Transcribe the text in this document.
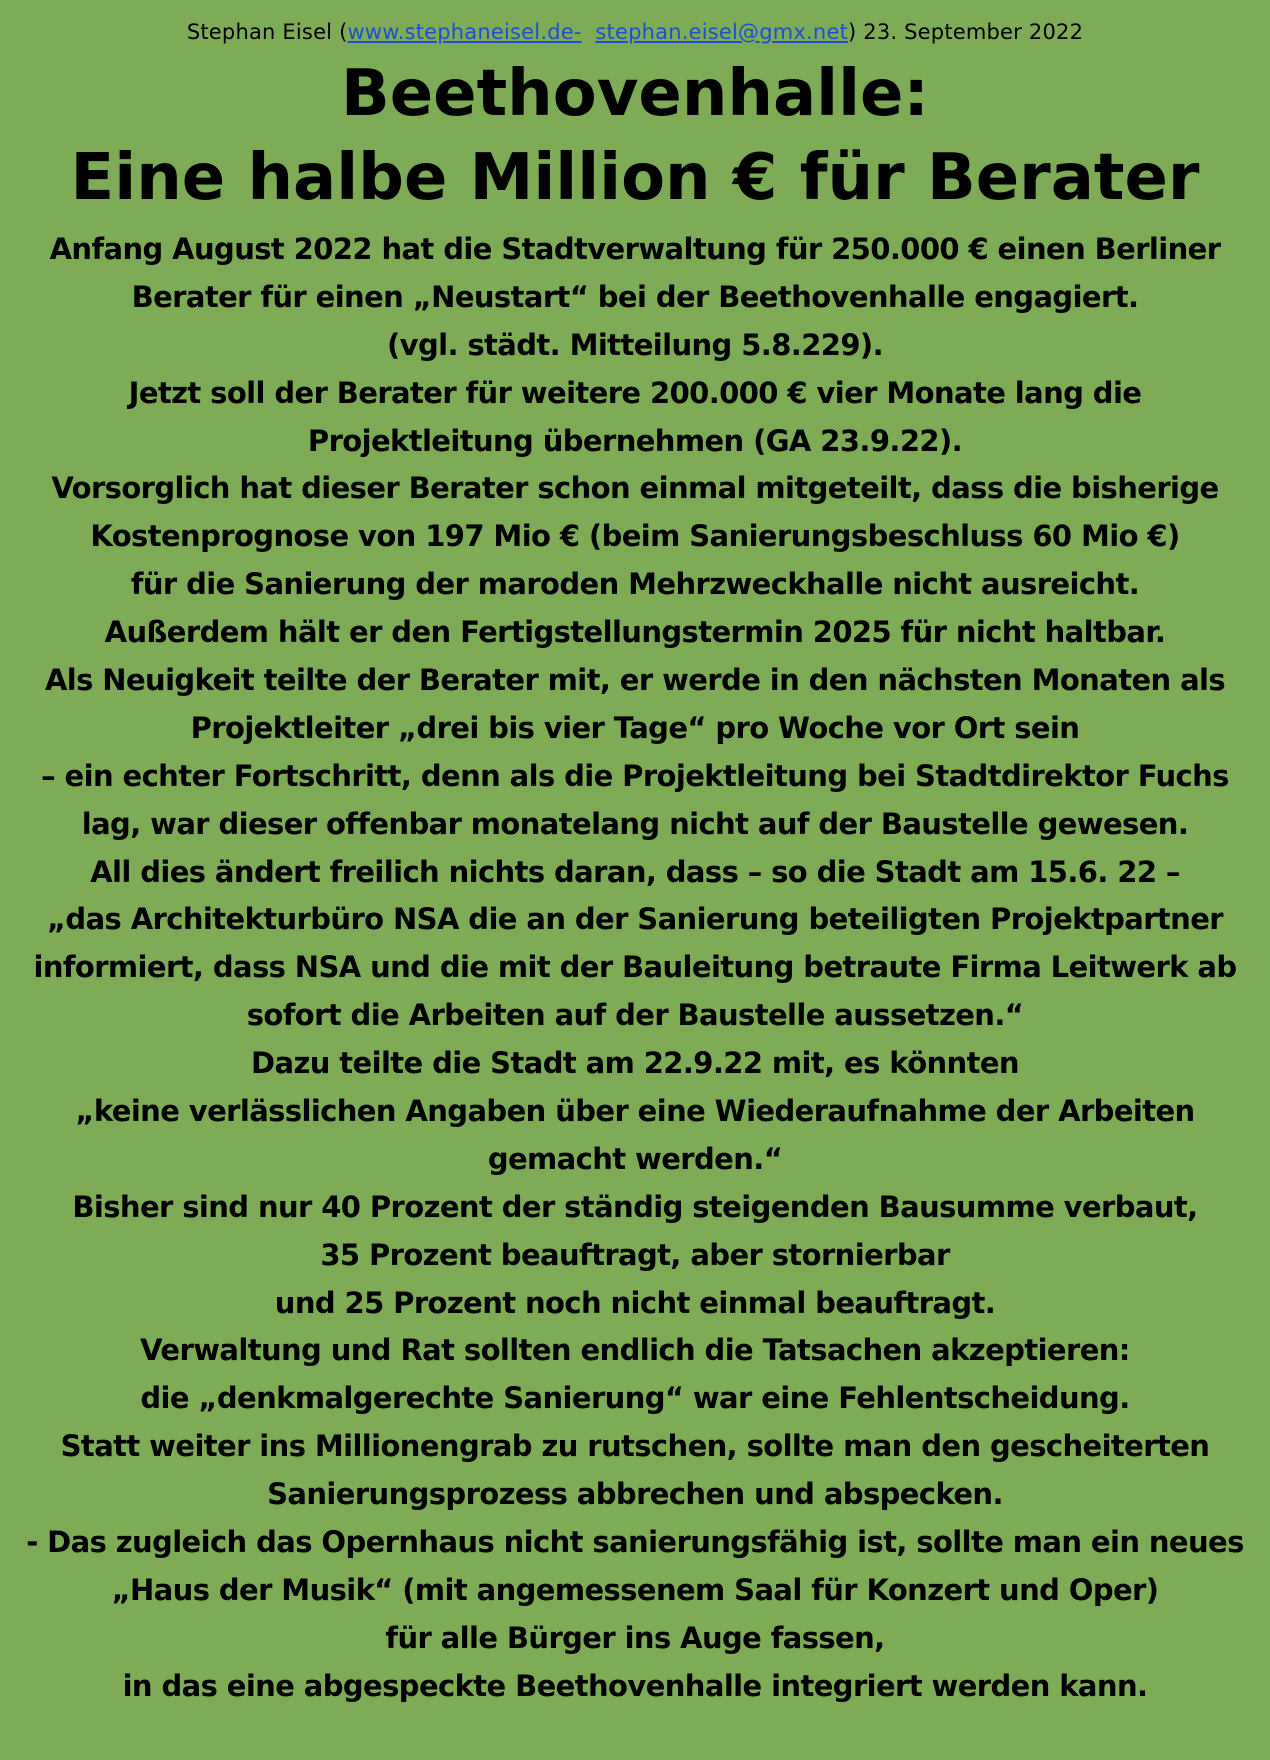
Stephan Eisel (www.stephaneisel.de- stephan.eisel@gmx.net) 23. September 2022
Beethovenhalle:
Eine halbe Million € für Berater
Anfang August 2022 hat die Stadtverwaltung für 250.000 € einen Berliner
Berater für einen „Neustart“ bei der Beethovenhalle engagiert.
(vgl. städt. Mitteilung 5.8.229).
Jetzt soll der Berater für weitere 200.000 € vier Monate lang die
Projektleitung übernehmen (GA 23.9.22).
Vorsorglich hat dieser Berater schon einmal mitgeteilt, dass die bisherige
Kostenprognose von 197 Mio € (beim Sanierungsbeschluss 60 Mio €)
für die Sanierung der maroden Mehrzweckhalle nicht ausreicht.
Außerdem hält er den Fertigstellungstermin 2025 für nicht haltbar.
Als Neuigkeit teilte der Berater mit, er werde in den nächsten Monaten als
Projektleiter „drei bis vier Tage“ pro Woche vor Ort sein
– ein echter Fortschritt, denn als die Projektleitung bei Stadtdirektor Fuchs
lag, war dieser offenbar monatelang nicht auf der Baustelle gewesen.
All dies ändert freilich nichts daran, dass – so die Stadt am 15.6. 22 –
„das Architekturbüro NSA die an der Sanierung beteiligten Projektpartner
informiert, dass NSA und die mit der Bauleitung betraute Firma Leitwerk ab
sofort die Arbeiten auf der Baustelle aussetzen.“
Dazu teilte die Stadt am 22.9.22 mit, es könnten
„keine verlässlichen Angaben über eine Wiederaufnahme der Arbeiten
gemacht werden.“
Bisher sind nur 40 Prozent der ständig steigenden Bausumme verbaut,
35 Prozent beauftragt, aber stornierbar
und 25 Prozent noch nicht einmal beauftragt.
Verwaltung und Rat sollten endlich die Tatsachen akzeptieren:
die „denkmalgerechte Sanierung“ war eine Fehlentscheidung.
Statt weiter ins Millionengrab zu rutschen, sollte man den gescheiterten
Sanierungsprozess abbrechen und abspecken.
- Das zugleich das Opernhaus nicht sanierungsfähig ist, sollte man ein neues
„Haus der Musik“ (mit angemessenem Saal für Konzert und Oper)
für alle Bürger ins Auge fassen,
in das eine abgespeckte Beethovenhalle integriert werden kann.
